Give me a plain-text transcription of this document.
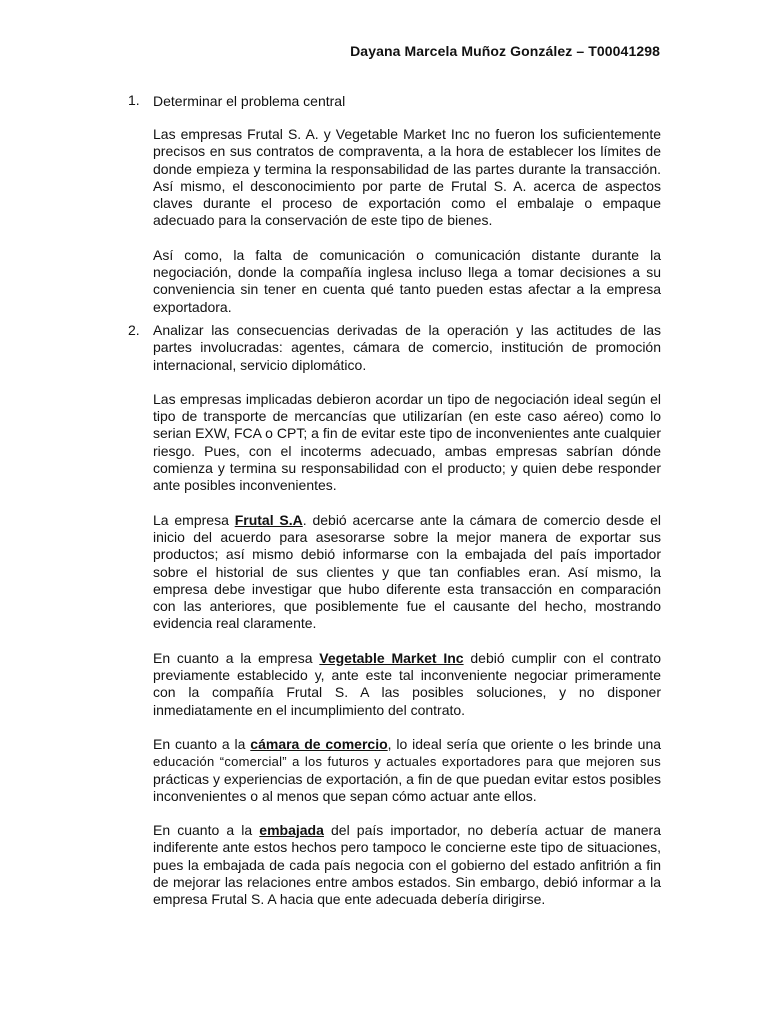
Dayana Marcela Muñoz González – T00041298
1. Determinar el problema central

Las empresas Frutal S. A. y Vegetable Market Inc no fueron los suficientemente precisos en sus contratos de compraventa, a la hora de establecer los límites de donde empieza y termina la responsabilidad de las partes durante la transacción. Así mismo, el desconocimiento por parte de Frutal S. A. acerca de aspectos claves durante el proceso de exportación como el embalaje o empaque adecuado para la conservación de este tipo de bienes.

Así como, la falta de comunicación o comunicación distante durante la negociación, donde la compañía inglesa incluso llega a tomar decisiones a su conveniencia sin tener en cuenta qué tanto pueden estas afectar a la empresa exportadora.

2. Analizar las consecuencias derivadas de la operación y las actitudes de las partes involucradas: agentes, cámara de comercio, institución de promoción internacional, servicio diplomático.

Las empresas implicadas debieron acordar un tipo de negociación ideal según el tipo de transporte de mercancías que utilizarían (en este caso aéreo) como lo serian EXW, FCA o CPT; a fin de evitar este tipo de inconvenientes ante cualquier riesgo. Pues, con el incoterms adecuado, ambas empresas sabrían dónde comienza y termina su responsabilidad con el producto; y quien debe responder ante posibles inconvenientes.

La empresa Frutal S.A. debió acercarse ante la cámara de comercio desde el inicio del acuerdo para asesorarse sobre la mejor manera de exportar sus productos; así mismo debió informarse con la embajada del país importador sobre el historial de sus clientes y que tan confiables eran. Así mismo, la empresa debe investigar que hubo diferente esta transacción en comparación con las anteriores, que posiblemente fue el causante del hecho, mostrando evidencia real claramente.

En cuanto a la empresa Vegetable Market Inc debió cumplir con el contrato previamente establecido y, ante este tal inconveniente negociar primeramente con la compañía Frutal S. A las posibles soluciones, y no disponer inmediatamente en el incumplimiento del contrato.

En cuanto a la cámara de comercio, lo ideal sería que oriente o les brinde una educación “comercial” a los futuros y actuales exportadores para que mejoren sus prácticas y experiencias de exportación, a fin de que puedan evitar estos posibles inconvenientes o al menos que sepan cómo actuar ante ellos.

En cuanto a la embajada del país importador, no debería actuar de manera indiferente ante estos hechos pero tampoco le concierne este tipo de situaciones, pues la embajada de cada país negocia con el gobierno del estado anfitrión a fin de mejorar las relaciones entre ambos estados. Sin embargo, debió informar a la empresa Frutal S. A hacia que ente adecuada debería dirigirse.
